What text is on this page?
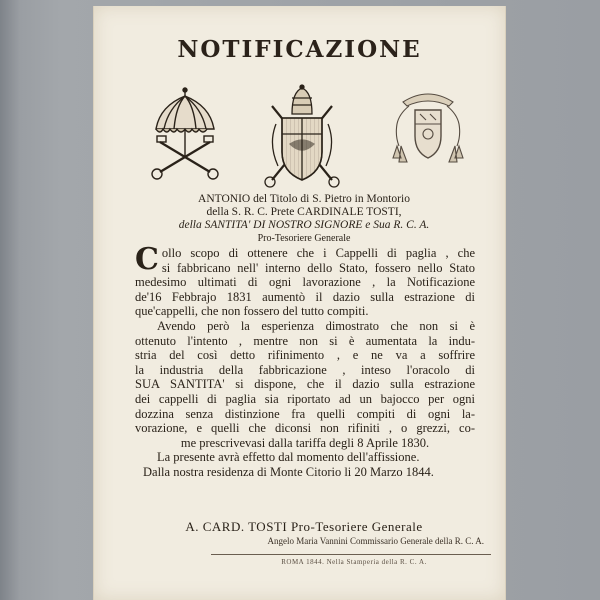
NOTIFICAZIONE
ANTONIO del Titolo di S. Pietro in Montorio
della S. R. C. Prete CARDINALE TOSTI,
della SANTITA' DI NOSTRO SIGNORE e Sua R. C. A.
Pro-Tesoriere Generale
C ollo scopo di ottenere che i Cappelli di paglia , che
si fabbricano nell' interno dello Stato, fossero nello Stato
medesimo ultimati di ogni lavorazione , la Notificazione
de'16 Febbrajo 1831 aumentò il dazio sulla estrazione di
que'cappelli, che non fossero del tutto compiti.
Avendo però la esperienza dimostrato che non si è
ottenuto l'intento , mentre non si è aumentata la indu-
stria del così detto rifinimento , e ne va a soffrire
la industria della fabbricazione , inteso l'oracolo di
SUA SANTITA' si dispone, che il dazio sulla estrazione
dei cappelli di paglia sia riportato ad un bajocco per ogni
dozzina senza distinzione fra quelli compiti di ogni la-
vorazione, e quelli che diconsi non rifiniti , o grezzi, co-
me prescrivevasi dalla tariffa degli 8 Aprile 1830.
La presente avrà effetto dal momento dell'affissione.
Dalla nostra residenza di Monte Citorio li 20 Marzo 1844.
A. CARD. TOSTI Pro-Tesoriere Generale
Angelo Maria Vannini Commissario Generale della R. C. A.
ROMA 1844. Nella Stamperia della R. C. A.
